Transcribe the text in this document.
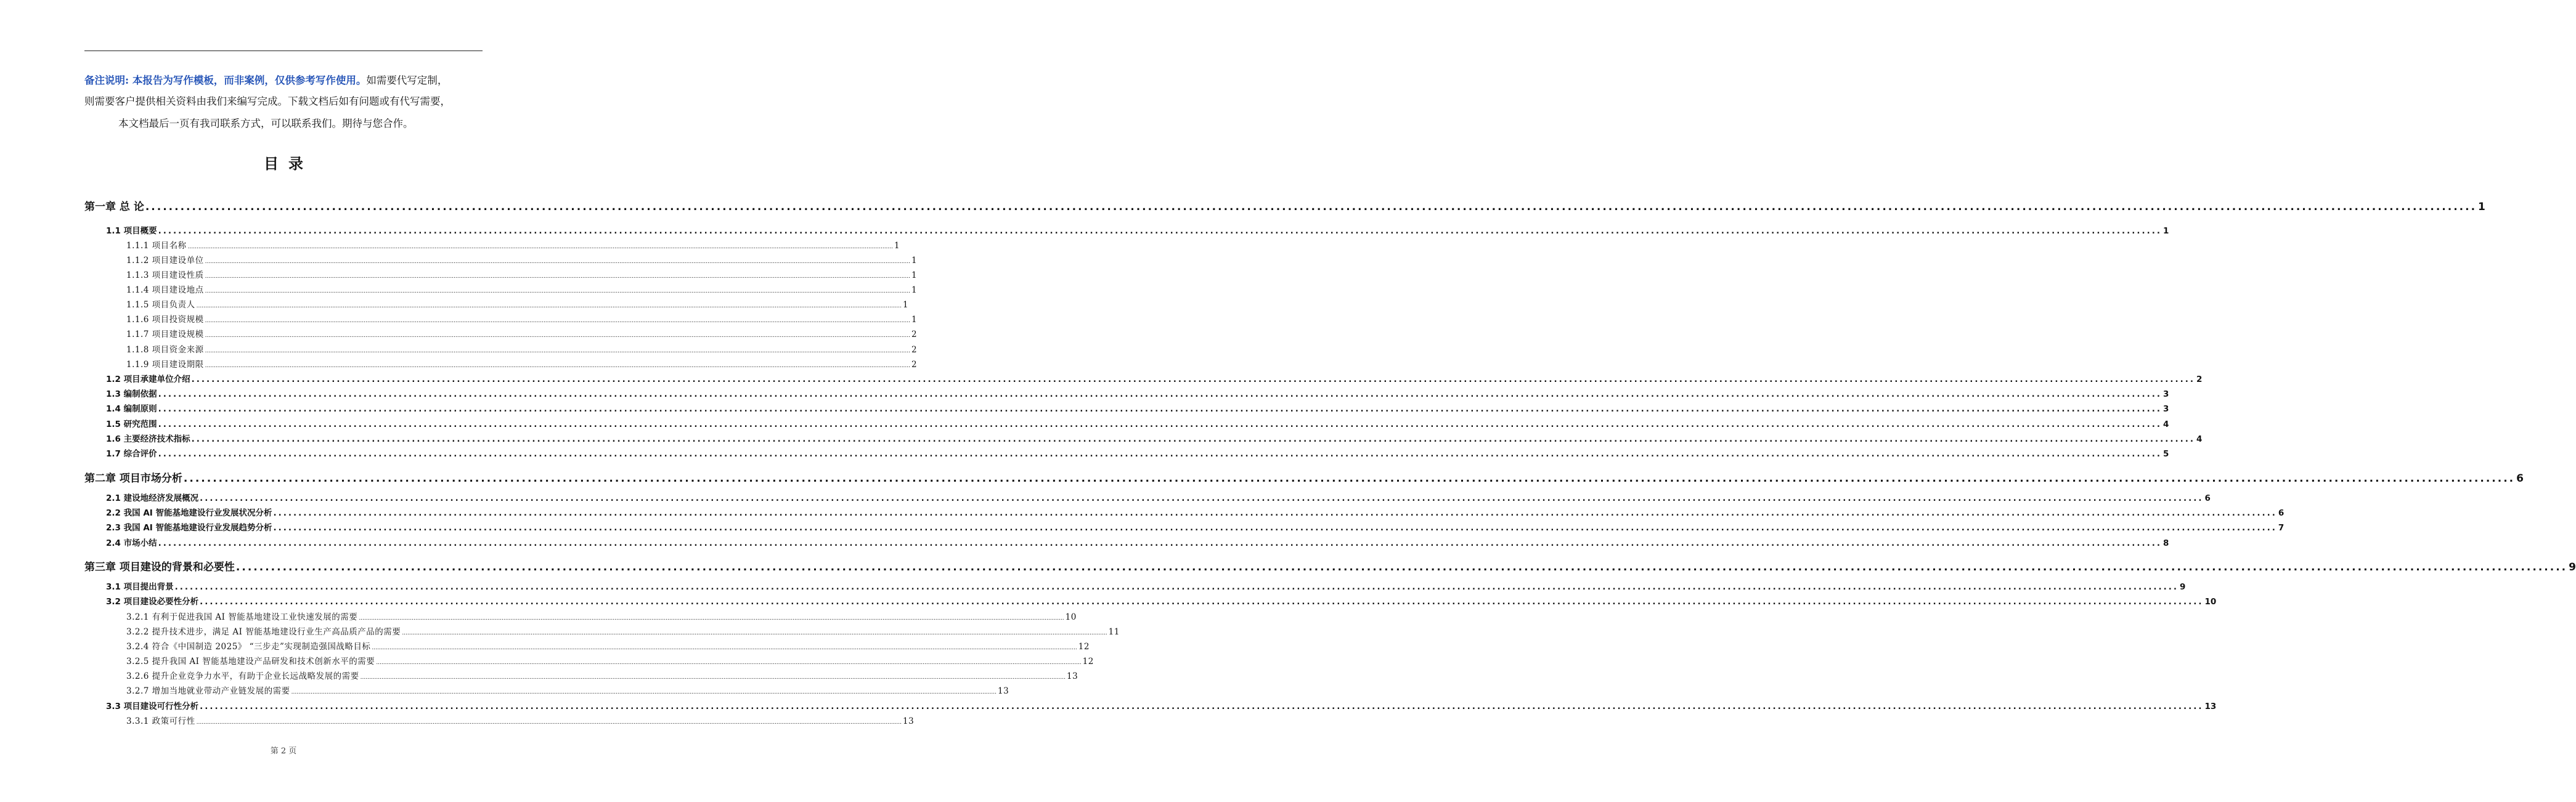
备注说明: 本报告为写作模板，而非案例，仅供参考写作使用。如需要代写定制，
则需要客户提供相关资料由我们来编写完成。下载文档后如有问题或有代写需要，
本文档最后一页有我司联系方式，可以联系我们。期待与您合作。
目录
第一章 总 论 ................................................................................................................................................................................................................................................................................................................................................................................................................ 1
1.1 项目概要 ................................................................................................................................................................................................................................................................................................................................................................................................................ 1
1.1.1 项目名称 ................................................................................................................................................................................................................................................................................................................................................................................................................ 1
1.1.2 项目建设单位 ................................................................................................................................................................................................................................................................................................................................................................................................................ 1
1.1.3 项目建设性质 ................................................................................................................................................................................................................................................................................................................................................................................................................ 1
1.1.4 项目建设地点 ................................................................................................................................................................................................................................................................................................................................................................................................................ 1
1.1.5 项目负责人 ................................................................................................................................................................................................................................................................................................................................................................................................................ 1
1.1.6 项目投资规模 ................................................................................................................................................................................................................................................................................................................................................................................................................ 1
1.1.7 项目建设规模 ................................................................................................................................................................................................................................................................................................................................................................................................................ 2
1.1.8 项目资金来源 ................................................................................................................................................................................................................................................................................................................................................................................................................ 2
1.1.9 项目建设期限 ................................................................................................................................................................................................................................................................................................................................................................................................................ 2
1.2 项目承建单位介绍 ................................................................................................................................................................................................................................................................................................................................................................................................................ 2
1.3 编制依据 ................................................................................................................................................................................................................................................................................................................................................................................................................ 3
1.4 编制原则 ................................................................................................................................................................................................................................................................................................................................................................................................................ 3
1.5 研究范围 ................................................................................................................................................................................................................................................................................................................................................................................................................ 4
1.6 主要经济技术指标 ................................................................................................................................................................................................................................................................................................................................................................................................................ 4
1.7 综合评价 ................................................................................................................................................................................................................................................................................................................................................................................................................ 5
第二章 项目市场分析 ................................................................................................................................................................................................................................................................................................................................................................................................................ 6
2.1 建设地经济发展概况 ................................................................................................................................................................................................................................................................................................................................................................................................................ 6
2.2 我国 AI 智能基地建设行业发展状况分析 ................................................................................................................................................................................................................................................................................................................................................................................................................ 6
2.3 我国 AI 智能基地建设行业发展趋势分析 ................................................................................................................................................................................................................................................................................................................................................................................................................ 7
2.4 市场小结 ................................................................................................................................................................................................................................................................................................................................................................................................................ 8
第三章 项目建设的背景和必要性 ................................................................................................................................................................................................................................................................................................................................................................................................................ 9
3.1 项目提出背景 ................................................................................................................................................................................................................................................................................................................................................................................................................ 9
3.2 项目建设必要性分析 ................................................................................................................................................................................................................................................................................................................................................................................................................ 10
3.2.1 有利于促进我国 AI 智能基地建设工业快速发展的需要 ................................................................................................................................................................................................................................................................................................................................................................................................................ 10
3.2.2 提升技术进步，满足 AI 智能基地建设行业生产高品质产品的需要 ................................................................................................................................................................................................................................................................................................................................................................................................................ 11
3.2.4 符合《中国制造 2025》 “三步走”实现制造强国战略目标 ................................................................................................................................................................................................................................................................................................................................................................................................................ 12
3.2.5 提升我国 AI 智能基地建设产品研发和技术创新水平的需要 ................................................................................................................................................................................................................................................................................................................................................................................................................ 12
3.2.6 提升企业竞争力水平，有助于企业长远战略发展的需要 ................................................................................................................................................................................................................................................................................................................................................................................................................ 13
3.2.7 增加当地就业带动产业链发展的需要 ................................................................................................................................................................................................................................................................................................................................................................................................................ 13
3.3 项目建设可行性分析 ................................................................................................................................................................................................................................................................................................................................................................................................................ 13
3.3.1 政策可行性 ................................................................................................................................................................................................................................................................................................................................................................................................................ 13
第 2 页
